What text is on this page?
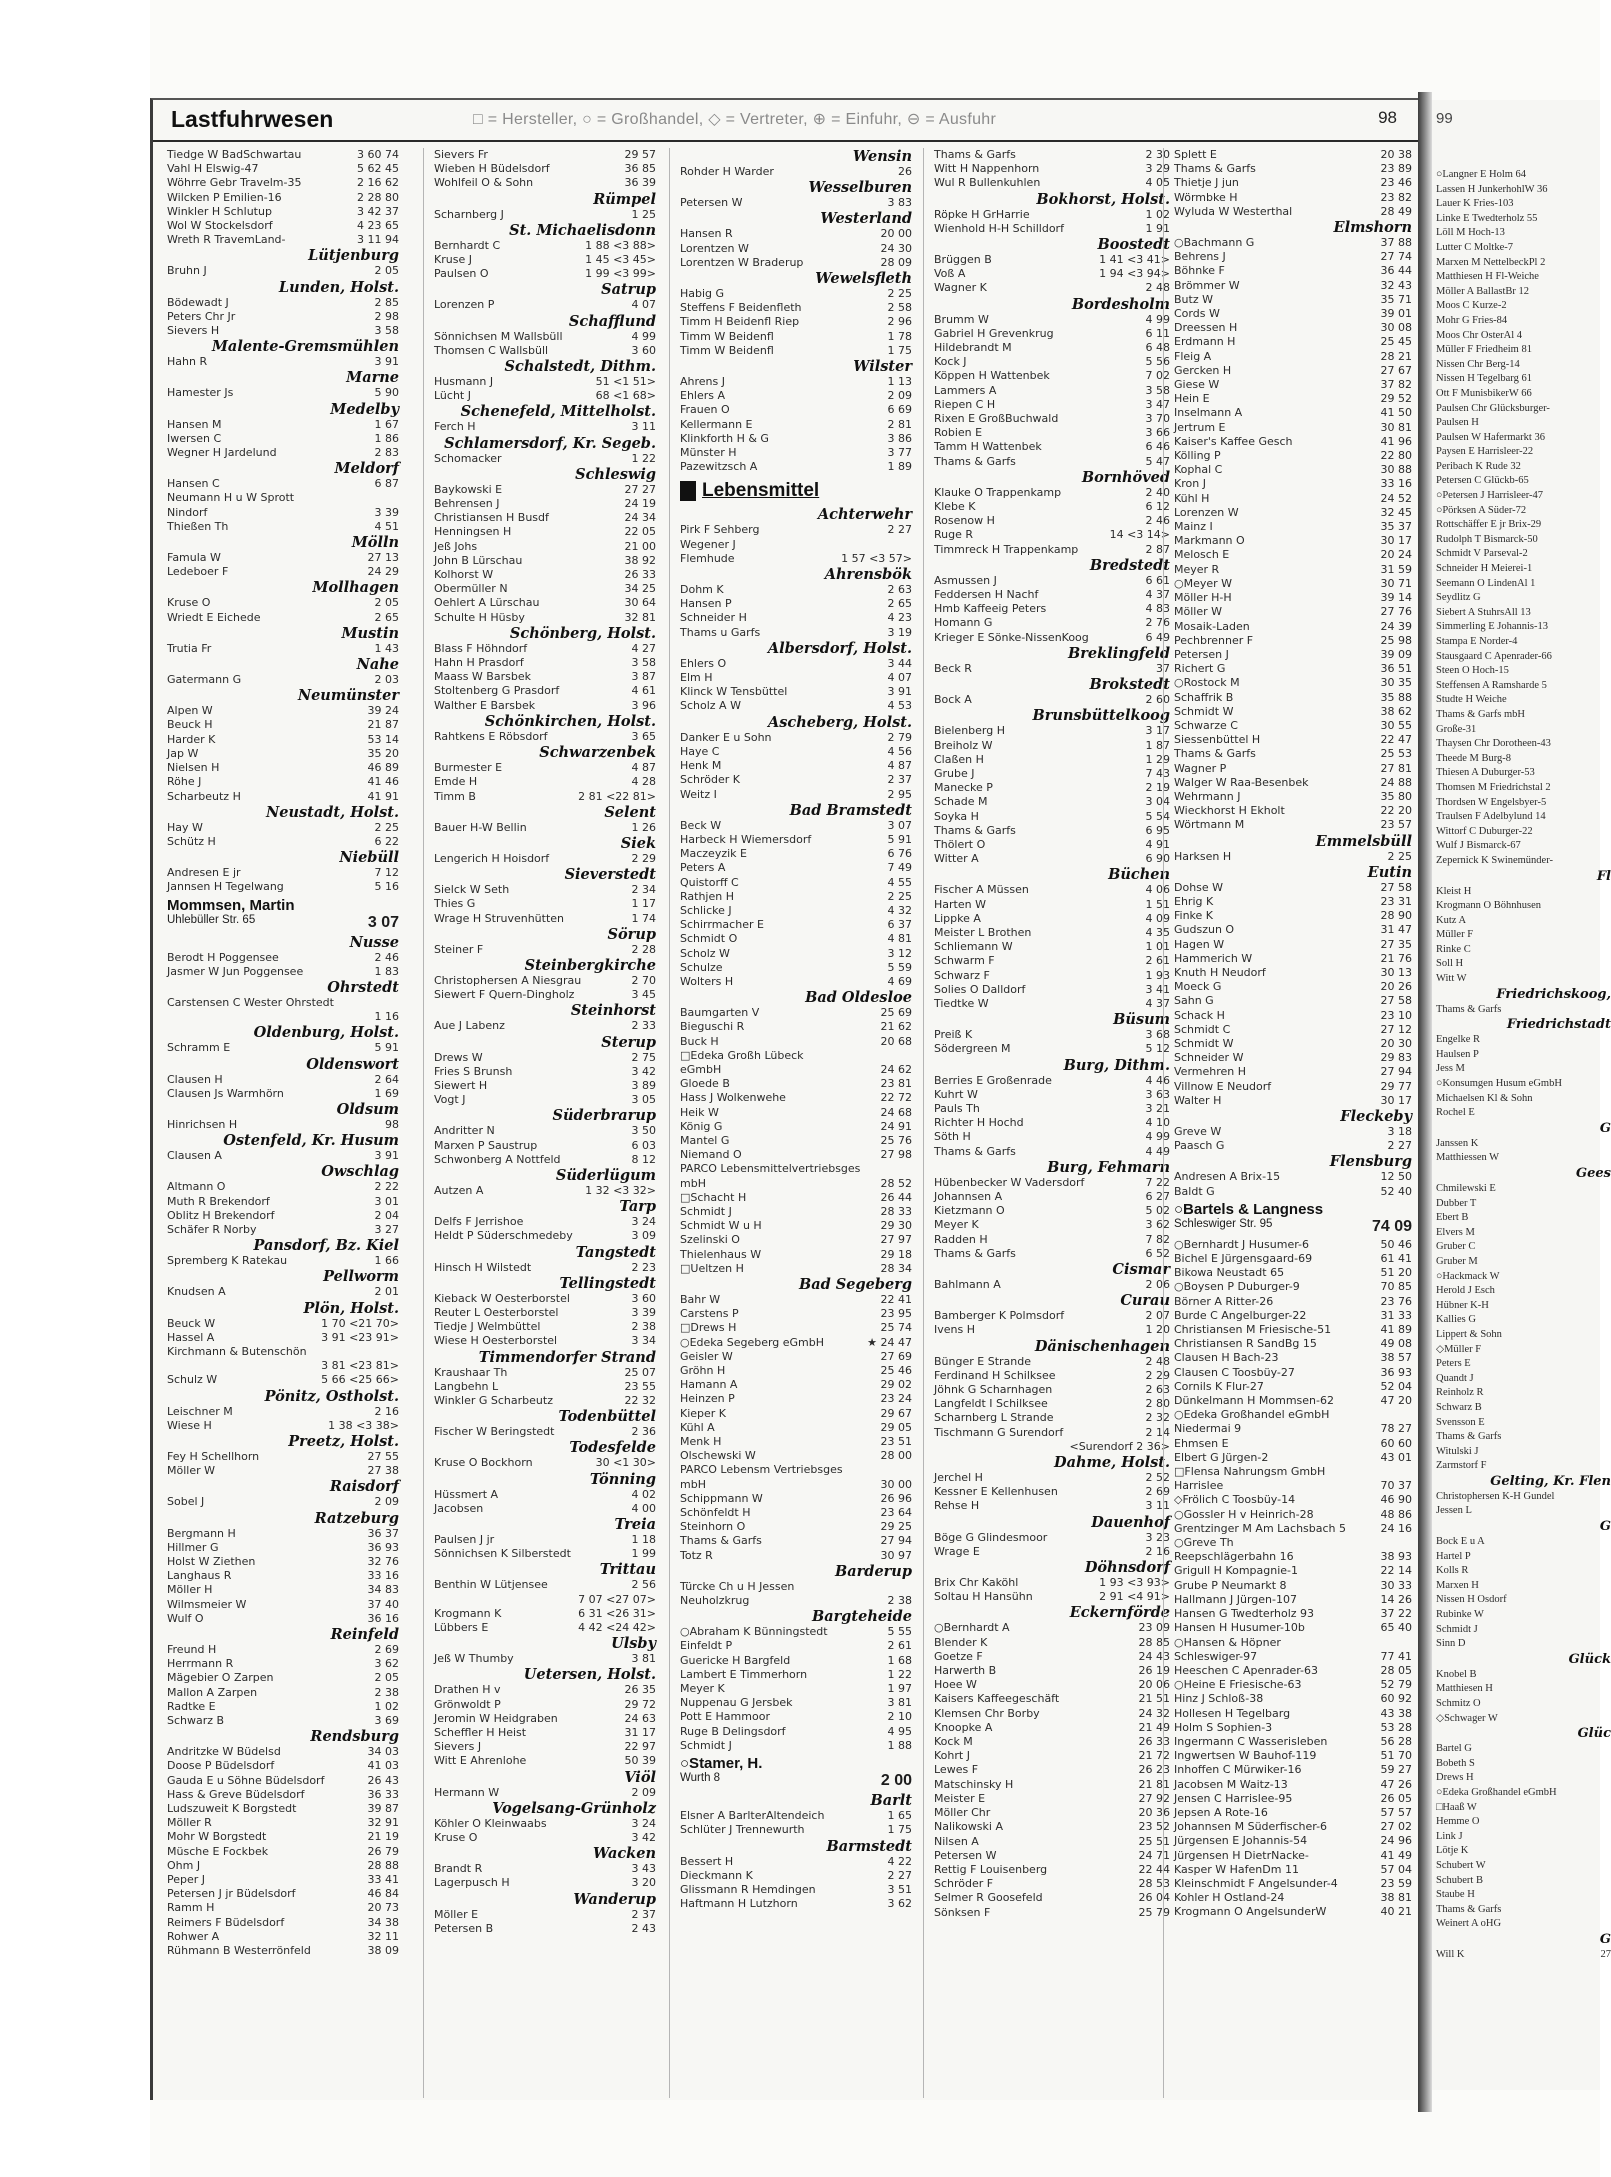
Lastfuhrwesen	□ = Hersteller, ○ = Großhandel, ◇ = Vertreter, ⊕ = Einfuhr, ⊖ = Ausfuhr	98
Tiedge W BadSchwartau	3 60 74
Vahl H Elswig-47	5 62 45
Wöhrre Gebr Travelm-35	2 16 62
Wilcken P Emilien-16	2 28 80
Winkler H Schlutup	3 42 37
Wol W Stockelsdorf	4 23 65
Wreth R TravemLand-	3 11 94
Lütjenburg
Bruhn J	2 05
Lunden, Holst.
Bödewadt J	2 85
Peters Chr Jr	2 98
Sievers H	3 58
Malente-Gremsmühlen
Hahn R	3 91
Marne
Hamester Js	5 90
Medelby
Hansen M	1 67
Iwersen C	1 86
Wegner H Jardelund	2 83
Meldorf
Hansen C	6 87
Neumann H u W Sprott
Nindorf	3 39
Thießen Th	4 51
Mölln
Famula W	27 13
Ledeboer F	24 29
Mollhagen
Kruse O	2 05
Wriedt E Eichede	2 65
Mustin
Trutia Fr	1 43
Nahe
Gatermann G	2 03
Neumünster
Alpen W	39 24
Beuck H	21 87
Harder K	53 14
Jap W	35 20
Nielsen H	46 89
Röhe J	41 46
Scharbeutz H	41 91
Neustadt, Holst.
Hay W	2 25
Schütz H	6 22
Niebüll
Andresen E jr	7 12
Jannsen H Tegelwang	5 16
Mommsen, Martin
Uhlebüller Str. 65	3 07
Nusse
Berodt H Poggensee	2 46
Jasmer W Jun Poggensee	1 83
Ohrstedt
Carstensen C Wester Ohrstedt
1 16
Oldenburg, Holst.
Schramm E	5 91
Oldenswort
Clausen H	2 64
Clausen Js Warmhörn	1 69
Oldsum
Hinrichsen H	98
Ostenfeld, Kr. Husum
Clausen A	3 91
Owschlag
Altmann O	2 22
Muth R Brekendorf	3 01
Oblitz H Brekendorf	2 04
Schäfer R Norby	3 27
Pansdorf, Bz. Kiel
Spremberg K Ratekau	1 66
Pellworm
Knudsen A	2 01
Plön, Holst.
Beuck W	1 70 <21 70>
Hassel A	3 91 <23 91>
Kirchmann & Butenschön
3 81 <23 81>
Schulz W	5 66 <25 66>
Pönitz, Ostholst.
Leischner M	2 16
Wiese H	1 38 <3 38>
Preetz, Holst.
Fey H Schellhorn	27 55
Möller W	27 38
Raisdorf
Sobel J	2 09
Ratzeburg
Bergmann H	36 37
Hillmer G	36 93
Holst W Ziethen	32 76
Langhaus R	33 16
Möller H	34 83
Wilmsmeier W	37 40
Wulf O	36 16
Reinfeld
Freund H	2 69
Herrmann R	3 62
Mägebier O Zarpen	2 05
Mallon A Zarpen	2 38
Radtke E	1 02
Schwarz B	3 69
Rendsburg
Andritzke W Büdelsd	34 03
Doose P Büdelsdorf	41 03
Gauda E u Söhne Büdelsdorf	26 43
Hass & Greve Büdelsdorf	36 33
Ludszuweit K Borgstedt	39 87
Möller R	32 91
Mohr W Borgstedt	21 19
Müsche E Fockbek	26 79
Ohm J	28 88
Peper J	33 41
Petersen J jr Büdelsdorf	46 84
Ramm H	20 73
Reimers F Büdelsdorf	34 38
Rohwer A	32 11
Rühmann B Westerrönfeld	38 09
Sievers Fr	29 57
Wieben H Büdelsdorf	36 85
Wohlfeil O & Sohn	36 39
Rümpel
Scharnberg J	1 25
St. Michaelisdonn
Bernhardt C	1 88 <3 88>
Kruse J	1 45 <3 45>
Paulsen O	1 99 <3 99>
Satrup
Lorenzen P	4 07
Schafflund
Sönnichsen M Wallsbüll	4 99
Thomsen C Wallsbüll	3 60
Schalstedt, Dithm.
Husmann J	51 <1 51>
Lücht J	68 <1 68>
Schenefeld, Mittelholst.
Ferch H	3 11
Schlamersdorf, Kr. Segeb.
Schomacker	1 22
Schleswig
Baykowski E	27 27
Behrensen J	24 19
Christiansen H Busdf	24 34
Henningsen H	22 05
Jeß Johs	21 00
John B Lürschau	38 92
Kolhorst W	26 33
Obermüller N	34 25
Oehlert A Lürschau	30 64
Schulte H Hüsby	32 81
Schönberg, Holst.
Blass F Höhndorf	4 27
Hahn H Prasdorf	3 58
Maass W Barsbek	3 87
Stoltenberg G Prasdorf	4 61
Walther E Barsbek	3 96
Schönkirchen, Holst.
Rahtkens E Röbsdorf	3 65
Schwarzenbek
Burmester E	4 87
Emde H	4 28
Timm B	2 81 <22 81>
Selent
Bauer H-W Bellin	1 26
Siek
Lengerich H Hoisdorf	2 29
Sieverstedt
Sielck W Seth	2 34
Thies G	1 17
Wrage H Struvenhütten	1 74
Sörup
Steiner F	2 28
Steinbergkirche
Christophersen A Niesgrau	2 70
Siewert F Quern-Dingholz	3 45
Steinhorst
Aue J Labenz	2 33
Sterup
Drews W	2 75
Fries S Brunsh	3 42
Siewert H	3 89
Vogt J	3 05
Süderbrarup
Andritter N	3 50
Marxen P Saustrup	6 03
Schwonberg A Nottfeld	8 12
Süderlügum
Autzen A	1 32 <3 32>
Tarp
Delfs F Jerrishoe	3 24
Heldt P Süderschmedeby	3 09
Tangstedt
Hinsch H Wilstedt	2 23
Tellingstedt
Kieback W Oesterborstel	3 60
Reuter L Oesterborstel	3 39
Tiedje J Welmbüttel	2 38
Wiese H Oesterborstel	3 34
Timmendorfer Strand
Kraushaar Th	25 07
Langbehn L	23 55
Winkler G Scharbeutz	22 32
Todenbüttel
Fischer W Beringstedt	2 36
Todesfelde
Kruse O Bockhorn	30 <1 30>
Tönning
Hüssmert A	4 02
Jacobsen	4 00
Treia
Paulsen J jr	1 18
Sönnichsen K Silberstedt	1 99
Trittau
Benthin W Lütjensee	2 56
7 07 <27 07>
Krogmann K	6 31 <26 31>
Lübbers E	4 42 <24 42>
Ulsby
Jeß W Thumby	3 81
Uetersen, Holst.
Drathen H v	26 35
Grönwoldt P	29 72
Jeromin W Heidgraben	24 63
Scheffler H Heist	31 17
Sievers J	22 97
Witt E Ahrenlohe	50 39
Viöl
Hermann W	2 09
Vogelsang-Grünholz
Köhler O Kleinwaabs	3 24
Kruse O	3 42
Wacken
Brandt R	3 43
Lagerpusch H	3 20
Wanderup
Möller E	2 37
Petersen B	2 43
Wensin
Rohder H Warder	26
Wesselburen
Petersen W	3 83
Westerland
Hansen R	20 00
Lorentzen W	24 30
Lorentzen W Braderup	28 09
Wewelsfleth
Habig G	2 25
Steffens F Beidenfleth	2 58
Timm H Beidenfl Riep	2 96
Timm W Beidenfl	1 78
Timm W Beidenfl	1 75
Wilster
Ahrens J	1 13
Ehlers A	2 09
Frauen O	6 69
Kellermann E	2 81
Klinkforth H & G	3 86
Münster H	3 77
Pazewitzsch A	1 89
Lebensmittel
Achterwehr
Pirk F Sehberg	2 27
Wegener J
Flemhude	1 57 <3 57>
Ahrensbök
Dohm K	2 63
Hansen P	2 65
Schneider H	4 23
Thams u Garfs	3 19
Albersdorf, Holst.
Ehlers O	3 44
Elm H	4 07
Klinck W Tensbüttel	3 91
Scholz A W	4 53
Ascheberg, Holst.
Danker E u Sohn	2 79
Haye C	4 56
Henk M	4 87
Schröder K	2 37
Weitz I	2 95
Bad Bramstedt
Beck W	3 07
Harbeck H Wiemersdorf	5 91
Maczeyzik E	6 76
Peters A	7 49
Quistorff C	4 55
Rathjen H	2 25
Schlicke J	4 32
Schirrmacher E	6 37
Schmidt O	4 81
Scholz W	3 12
Schulze	5 59
Wolters H	4 69
Bad Oldesloe
Baumgarten V	25 69
Bieguschi R	21 62
Buck H	20 68
□Edeka Großh Lübeck
eGmbH	24 62
Gloede B	23 81
Hass J Wolkenwehe	22 72
Heik W	24 68
König G	24 91
Mantel G	25 76
Niemand O	27 98
PARCO Lebensmittelvertriebsges
mbH	28 52
□Schacht H	26 44
Schmidt J	28 33
Schmidt W u H	29 30
Szelinski O	27 97
Thielenhaus W	29 18
□Ueltzen H	28 34
Bad Segeberg
Bahr W	22 41
Carstens P	23 95
□Drews H	25 74
○Edeka Segeberg eGmbH	★ 24 47
Geisler W	27 69
Gröhn H	25 46
Hamann A	29 02
Heinzen P	23 24
Kieper K	29 67
Kühl A	29 05
Menk H	23 51
Olschewski W	28 00
PARCO Lebensm Vertriebsges
mbH	30 00
Schippmann W	26 96
Schönfeldt H	23 64
Steinhorn O	29 25
Thams & Garfs	27 94
Totz R	30 97
Barderup
Türcke Ch u H Jessen
Neuholzkrug	2 38
Bargteheide
○Abraham K Bünningstedt	5 55
Einfeldt P	2 61
Guericke H Bargfeld	1 68
Lambert E Timmerhorn	1 22
Meyer K	1 97
Nuppenau G Jersbek	3 81
Pott E Hammoor	2 10
Ruge B Delingsdorf	4 95
Schmidt J	1 88
○Stamer, H.
Wurth 8	2 00
Barlt
Elsner A BarlterAltendeich	1 65
Schlüter J Trennewurth	1 75
Barmstedt
Bessert H	4 22
Dieckmann K	2 27
Glissmann R Hemdingen	3 51
Haftmann H Lutzhorn	3 62
Thams & Garfs	2 30
Witt H Nappenhorn	3 29
Wul R Bullenkuhlen	4 05
Bokhorst, Holst.
Röpke H GrHarrie	1 02
Wienhold H-H Schilldorf	1 91
Boostedt
Brüggen B	1 41 <3 41>
Voß A	1 94 <3 94>
Wagner K	2 48
Bordesholm
Brumm W	4 99
Gabriel H Grevenkrug	6 11
Hildebrandt M	6 48
Kock J	5 56
Köppen H Wattenbek	7 02
Lammers A	3 58
Riepen C H	3 47
Rixen E GroßBuchwald	3 70
Robien E	3 66
Tamm H Wattenbek	6 46
Thams & Garfs	5 47
Bornhöved
Klauke O Trappenkamp	2 40
Klebe K	6 12
Rosenow H	2 46
Ruge R	14 <3 14>
Timmreck H Trappenkamp	2 87
Bredstedt
Asmussen J	6 61
Feddersen H Nachf	4 37
Hmb Kaffeeig Peters	4 83
Homann G	2 76
Krieger E Sönke-NissenKoog	6 49
Breklingfeld
Beck R	37
Brokstedt
Bock A	2 60
Brunsbüttelkoog
Bielenberg H	3 17
Breiholz W	1 87
Claßen H	1 29
Grube J	7 43
Manecke P	2 19
Schade M	3 04
Soyka H	5 54
Thams & Garfs	6 95
Thölert O	4 91
Witter A	6 90
Büchen
Fischer A Müssen	4 06
Harten W	1 51
Lippke A	4 09
Meister L Brothen	4 35
Schliemann W	1 01
Schwarm F	2 61
Schwarz F	1 93
Solies O Dalldorf	3 41
Tiedtke W	4 37
Büsum
Preiß K	3 68
Södergreen M	5 12
Burg, Dithm.
Berries E Großenrade	4 46
Kuhrt W	3 63
Pauls Th	3 21
Richter H Hochd	4 10
Söth H	4 99
Thams & Garfs	4 49
Burg, Fehmarn
Hübenbecker W Vadersdorf	7 22
Johannsen A	6 27
Kietzmann O	5 02
Meyer K	3 62
Radden H	7 82
Thams & Garfs	6 52
Cismar
Bahlmann A	2 06
Curau
Bamberger K Polmsdorf	2 07
Ivens H	1 20
Dänischenhagen
Bünger E Strande	2 48
Ferdinand H Schilksee	2 29
Jöhnk G Scharnhagen	2 63
Langfeldt I Schilksee	2 80
Scharnberg L Strande	2 32
Tischmann G Surendorf	2 14
<Surendorf 2 36>
Dahme, Holst.
Jerchel H	2 52
Kessner E Kellenhusen	2 69
Rehse H	3 11
Dauenhof
Böge G Glindesmoor	3 23
Wrage E	2 16
Döhnsdorf
Brix Chr Kaköhl	1 93 <3 93>
Soltau H Hansühn	2 91 <4 91>
Eckernförde
○Bernhardt A	23 09
Blender K	28 85
Goetze F	24 43
Harwerth B	26 19
Hoee W	20 06
Kaisers Kaffeegeschäft	21 51
Klemsen Chr Borby	24 32
Knoopke A	21 49
Kock M	26 33
Kohrt J	21 72
Lewes F	26 23
Matschinsky H	21 81
Meister E	27 92
Möller Chr	20 36
Nalikowski A	23 52
Nilsen A	25 51
Petersen W	24 71
Rettig F Louisenberg	22 44
Schröder F	28 53
Selmer R Goosefeld	26 04
Sönksen F	25 79
Splett E	20 38
Thams & Garfs	23 89
Thietje J jun	23 46
Wörmbke H	23 82
Wyluda W Westerthal	28 49
Elmshorn
○Bachmann G	37 88
Behrens J	27 74
Böhnke F	36 44
Brömmer W	32 43
Butz W	35 71
Cords W	39 01
Dreessen H	30 08
Erdmann H	25 45
Fleig A	28 21
Gercken H	27 67
Giese W	37 82
Hein E	29 52
Inselmann A	41 50
Jertrum E	30 81
Kaiser's Kaffee Gesch	41 96
Kölling P	22 80
Kophal C	30 88
Kron J	33 16
Kühl H	24 52
Lorenzen W	32 45
Mainz I	35 37
Markmann O	30 17
Melosch E	20 24
Meyer R	31 59
○Meyer W	30 71
Möller H-H	39 14
Möller W	27 76
Mosaik-Laden	24 39
Pechbrenner F	25 98
Petersen J	39 09
Richert G	36 51
○Rostock M	30 35
Schaffrik B	35 88
Schmidt W	38 62
Schwarze C	30 55
Siessenbüttel H	22 47
Thams & Garfs	25 53
Wagner P	27 81
Walger W Raa-Besenbek	24 88
Wehrmann J	35 80
Wieckhorst H Ekholt	22 20
Wörtmann M	23 57
Emmelsbüll
Harksen H	2 25
Eutin
Dohse W	27 58
Ehrig K	23 31
Finke K	28 90
Gudszun O	31 47
Hagen W	27 35
Hammerich W	21 76
Knuth H Neudorf	30 13
Moeck G	20 26
Sahn G	27 58
Schack H	23 10
Schmidt C	27 12
Schmidt W	20 30
Schneider W	29 83
Vermehren H	27 94
Villnow E Neudorf	29 77
Walter H	30 17
Fleckeby
Greve W	3 18
Paasch G	2 27
Flensburg
Andresen A Brix-15	12 50
Baldt G	52 40
○Bartels & Langness
Schleswiger Str. 95	74 09
○Bernhardt J Husumer-6	50 46
Bichel E Jürgensgaard-69	61 41
Bikowa Neustadt 65	51 20
○Boysen P Duburger-9	70 85
Börner A Ritter-26	23 76
Burde C Angelburger-22	31 33
Christiansen M Friesische-51	41 89
Christiansen R SandBg 15	49 08
Clausen H Bach-23	38 57
Clausen C Toosbüy-27	36 93
Cornils K Flur-27	52 04
Dünkelmann H Mommsen-62	47 20
○Edeka Großhandel eGmbH
Niedermai 9	78 27
Ehmsen E	60 60
Elbert G Jürgen-2	43 01
□Flensa Nahrungsm GmbH
Harrislee	70 37
◇Frölich C Toosbüy-14	46 90
○Gossler H v Heinrich-28	48 86
Grentzinger M Am Lachsbach 5	24 16
○Greve Th
Reepschlägerbahn 16	38 93
Grigull H Kompagnie-1	22 14
Grube P Neumarkt 8	30 33
Hallmann J Jürgen-107	14 26
Hansen G Twedterholz 93	37 22
Hansen H Husumer-10b	65 40
○Hansen & Höpner
Schleswiger-97	77 41
Heeschen C Apenrader-63	28 05
○Heine E Friesische-63	52 79
Hinz J Schloß-38	60 92
Hollesen H Tegelbarg	43 38
Holm S Sophien-3	53 28
Ingermann C Wasserisleben	56 28
Ingwertsen W Bauhof-119	51 70
Inhoffen C Mürwiker-16	59 27
Jacobsen M Waitz-13	47 26
Jensen C Harrislee-95	26 05
Jepsen A Rote-16	57 57
Johannsen M Süderfischer-6	27 02
Jürgensen E Johannis-54	24 96
Jürgensen H DietrNacke-	41 49
Kasper W HafenDm 11	57 04
Kleinschmidt F Angelsunder-4	23 59
Kohler H Ostland-24	38 81
Krogmann O AngelsunderW	40 21
99
○Langner E Holm 64
Lassen H JunkerhohlW 36
Lauer K Fries-103
Linke E Twedterholz 55
Löll M Hoch-13
Lutter C Moltke-7
Marxen M NettelbeckPl 2
Matthiesen H Fl-Weiche
Möller A BallastBr 12
Moos C Kurze-2
Mohr G Fries-84
Moos Chr OsterAl 4
Müller F Friedheim 81
Nissen Chr Berg-14
Nissen H Tegelbarg 61
Ott F MunisbikerW 66
Paulsen Chr Glücksburger-
Paulsen H
Paulsen W Hafermarkt 36
Paysen E Harrisleer-22
Peribach K Rude 32
Petersen C Glückb-65
○Petersen J Harrisleer-47
○Pörksen A Süder-72
Rottschäffer E jr Brix-29
Rudolph T Bismarck-50
Schmidt V Parseval-2
Schneider H Meierei-1
Seemann O LindenAl 1
Seydlitz G
Siebert A StuhrsAll 13
Simmerling E Johannis-13
Stampa E Norder-4
Stausgaard C Apenrader-66
Steen O Hoch-15
Steffensen A Ramsharde 5
Studte H Weiche
Thams & Garfs mbH
Große-31
Thaysen Chr Dorotheen-43
Theede M Burg-8
Thiesen A Duburger-53
Thomsen M Friedrichstal 2
Thordsen W Engelsbyer-5
Traulsen F Adelbylund 14
Wittorf C Duburger-22
Wulf J Bismarck-67
Zepernick K Swinemünder-
Fl
Kleist H
Krogmann O Böhnhusen
Kutz A
Müller F
Rinke C
Soll H
Witt W
Friedrichskoog,
Thams & Garfs
Friedrichstadt
Engelke R
Haulsen P
Jess M
○Konsumgen Husum eGmbH
Michaelsen Kl & Sohn
Rochel E
G
Janssen K
Matthiessen W
Gees
Chmilewski E
Dubber T
Ebert B
Elvers M
Gruber C
Gruber M
○Hackmack W
Herold J Esch
Hübner K-H
Kallies G
Lippert & Sohn
◇Müller F
Peters E
Quandt J
Reinholz R
Schwarz B
Svensson E
Thams & Garfs
Witulski J
Zarmstorf F
Gelting, Kr. Flen
Christophersen K-H Gundel
Jessen L
G
Bock E u A
Hartel P
Kolls R
Marxen H
Nissen H Osdorf
Rubinke W
Schmidt J
Sinn D
Glück
Knobel B
Matthiesen H
Schmitz O
◇Schwager W
Glüc
Bartel G
Bobeth S
Drews H
○Edeka Großhandel eGmbH
□Haaß W
Hemme O
Link J
Lötje K
Schubert W
Schubert B
Staube H
Thams & Garfs
Weinert A oHG
G
Will K	27
